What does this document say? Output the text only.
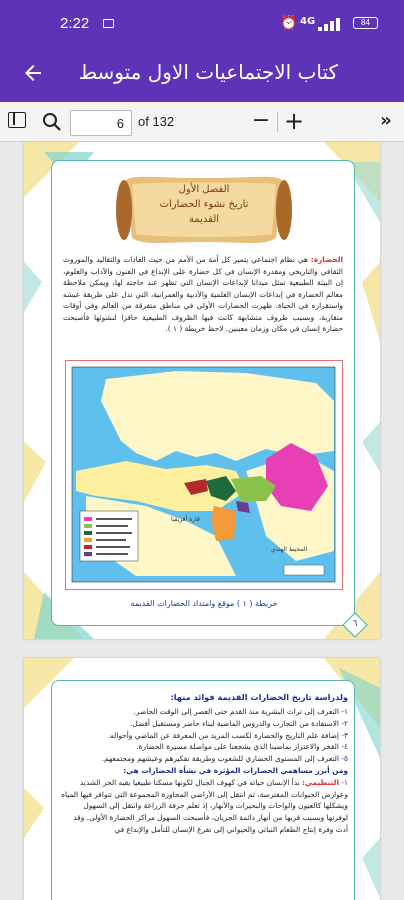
2:22	⏰ 4G	84
كتاب الاجتماعيات الاول متوسط
6
of 132	− +	»
الفصل الأول
تاريخ نشوء الحضارات
القديمة
الحضارة: هي نظام اجتماعي يتميز كل أمة من الأمم من حيث العادات والتقاليد والموروث الثقافي والتاريخي ومقدرة الإنسان في كل حضارة على الإبداع في الفنون والآداب والعلوم، إن البيئة الطبيعية تمثل ميدانا لإبداعات الإنسان التي تظهر عند حاجته لها، ويمكن ملاحظة معالم الحضارة في إبداعات الإنسان العلمية والأدبية والعمرانية، التي تدل على طريقة عيشه واستقراره في الحياة. ظهرت الحضارات الأولى في مناطق متفرقة من العالم وفي أوقات متقاربة، وبسبب ظروف متشابهة كانت فيها الظروف الطبيعية حافزا لنشوئها فأصبحت حضارة إنسان في مكان وزمان معينين. لاحظ خريطة ( ١ ).
قارة أفريقيا
المحيط الهندي
خريطة ( ١ ) موقع وامتداد الحضارات القديمة
٦
ولدراسة تاريخ الحضارات القديمة فوائد منها:
١- التعرف إلى تراث البشرية منذ القدم حتى العصر إلى الوقت الحاضر.
٢- الاستفادة من التجارب والدروس الماضية لبناء حاضر ومستقبل أفضل.
٣- إضافة علم التاريخ والحضارة لكسب المزيد من المعرفة عن الماضي وأحواله.
٤- الفخر والاعتزاز بماضينا الذي يشجعنا على مواصلة مسيرة الحضارة.
٥- التعرف إلى المستوى الحضاري للشعوب وطريقة تفكيرهم وعيشهم ومجتمعهم.
ومن أبرز مساهمي الحضارات المؤثرة في نشأة الحضارات هي:
١- التنظيمي: بدأ الإنسان حياته في كهوف الجبال لكونها مسكنا طبيعيا يقيه الحر الشديد وعوارض الحيوانات المفترسة، ثم انتقل إلى الأراضي المجاورة المجموعة التي تتوافر فيها المياه ويشكلها كالعيون والواحات والبحيرات والأنهار، إذ تعلم حرفة الزراعة وانتقل إلى السهول لوفرتها وبسبب قربها من أنهار دائمة الجريان، فأصبحت السهول مراكز الحضارة الأولى. وقد أدت وفرة إنتاج الطعام النباتي والحيواني إلى تفرغ الإنسان للتأمل والإبداع في
